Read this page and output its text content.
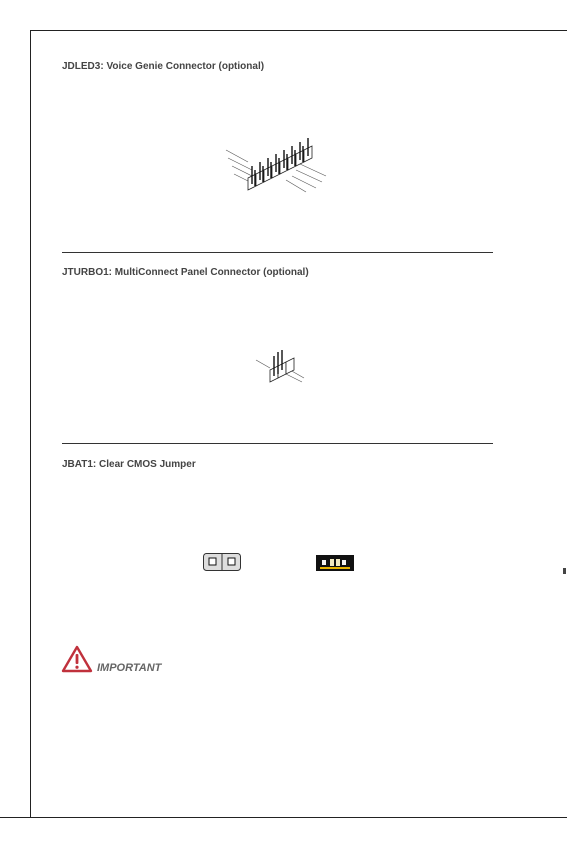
JDLED3: Voice Genie Connector (optional)
JTURBO1: MultiConnect Panel Connector (optional)
JBAT1: Clear CMOS Jumper
IMPORTANT
